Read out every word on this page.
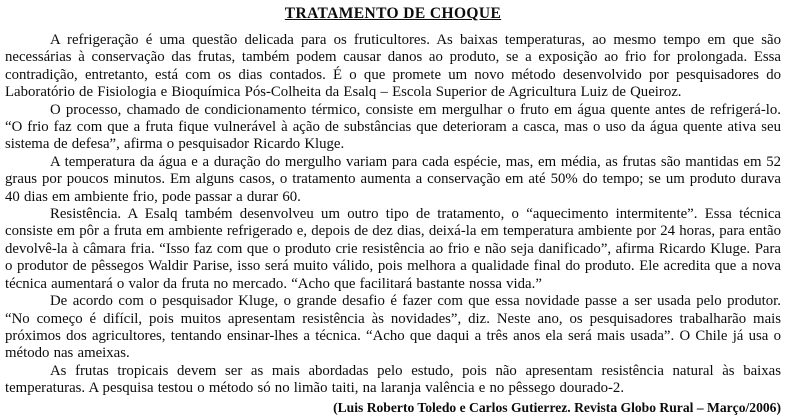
TRATAMENTO DE CHOQUE

A refrigeração é uma questão delicada para os fruticultores. As baixas temperaturas, ao mesmo tempo em que são necessárias à conservação das frutas, também podem causar danos ao produto, se a exposição ao frio for prolongada. Essa contradição, entretanto, está com os dias contados. É o que promete um novo método desenvolvido por pesquisadores do Laboratório de Fisiologia e Bioquímica Pós-Colheita da Esalq – Escola Superior de Agricultura Luiz de Queiroz.

O processo, chamado de condicionamento térmico, consiste em mergulhar o fruto em água quente antes de refrigerá-lo. “O frio faz com que a fruta fique vulnerável à ação de substâncias que deterioram a casca, mas o uso da água quente ativa seu sistema de defesa”, afirma o pesquisador Ricardo Kluge.

A temperatura da água e a duração do mergulho variam para cada espécie, mas, em média, as frutas são mantidas em 52 graus por poucos minutos. Em alguns casos, o tratamento aumenta a conservação em até 50% do tempo; se um produto durava 40 dias em ambiente frio, pode passar a durar 60.

Resistência. A Esalq também desenvolveu um outro tipo de tratamento, o “aquecimento intermitente”. Essa técnica consiste em pôr a fruta em ambiente refrigerado e, depois de dez dias, deixá-la em temperatura ambiente por 24 horas, para então devolvê-la à câmara fria. “Isso faz com que o produto crie resistência ao frio e não seja danificado”, afirma Ricardo Kluge. Para o produtor de pêssegos Waldir Parise, isso será muito válido, pois melhora a qualidade final do produto. Ele acredita que a nova técnica aumentará o valor da fruta no mercado. “Acho que facilitará bastante nossa vida.”

De acordo com o pesquisador Kluge, o grande desafio é fazer com que essa novidade passe a ser usada pelo produtor. “No começo é difícil, pois muitos apresentam resistência às novidades”, diz. Neste ano, os pesquisadores trabalharão mais próximos dos agricultores, tentando ensinar-lhes a técnica. “Acho que daqui a três anos ela será mais usada”. O Chile já usa o método nas ameixas.

As frutas tropicais devem ser as mais abordadas pelo estudo, pois não apresentam resistência natural às baixas temperaturas. A pesquisa testou o método só no limão taiti, na laranja valência e no pêssego dourado-2.

(Luis Roberto Toledo e Carlos Gutierrez. Revista Globo Rural – Março/2006)
